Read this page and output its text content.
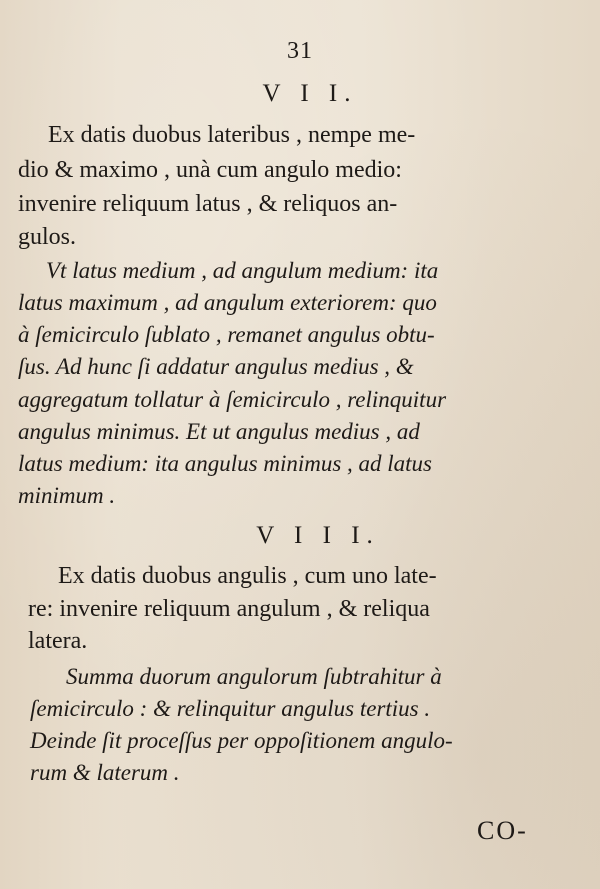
31
V I I.
Ex datis duobus lateribus , nempe me-
dio & maximo , unà cum angulo medio:
invenire reliquum latus , & reliquos an-
gulos.
Vt latus medium , ad angulum medium: ita
latus maximum , ad angulum exteriorem: quo
à ſemicirculo ſublato , remanet angulus obtu-
ſus. Ad hunc ſi addatur angulus medius , &
aggregatum tollatur à ſemicirculo , relinquitur
angulus minimus. Et ut angulus medius , ad
latus medium: ita angulus minimus , ad latus
minimum .
V I I I.
Ex datis duobus angulis , cum uno late-
re: invenire reliquum angulum , & reliqua
latera.
Summa duorum angulorum ſubtrahitur à
ſemicirculo : & relinquitur angulus tertius .
Deinde ſit proceſſus per oppoſitionem angulo-
rum & laterum .
CO-
